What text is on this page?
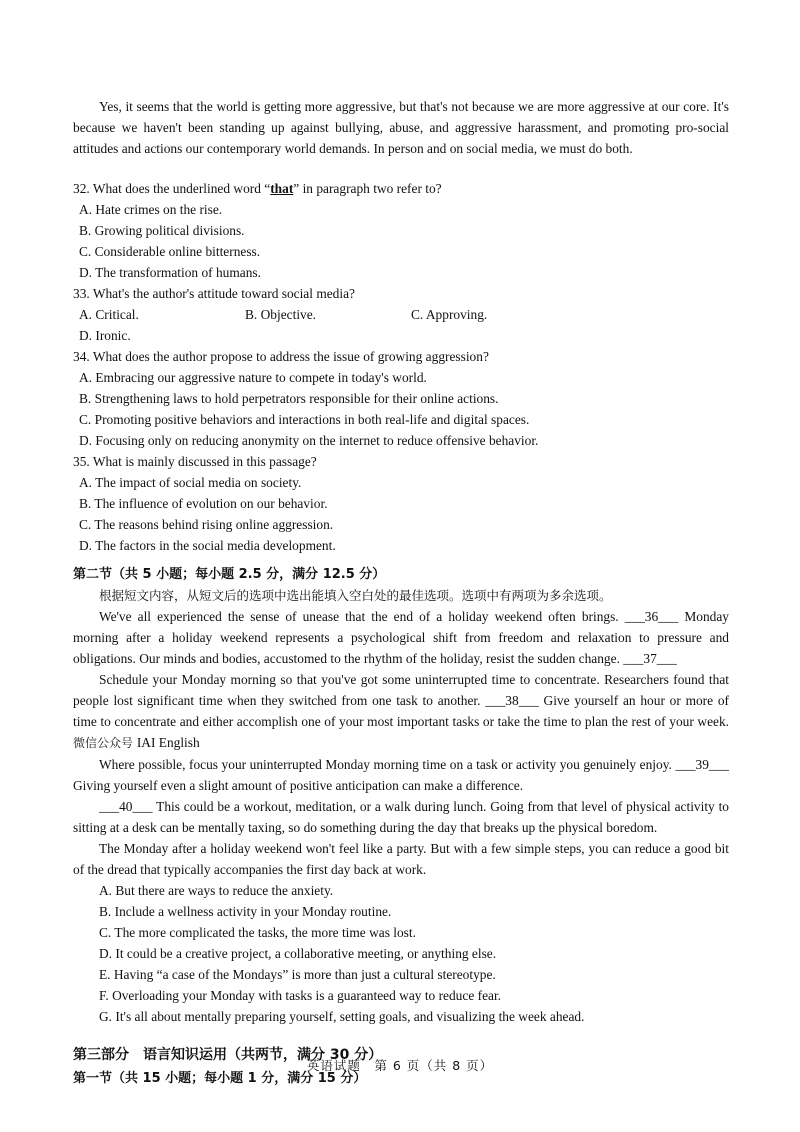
Yes, it seems that the world is getting more aggressive, but that's not because we are more aggressive at our core. It's because we haven't been standing up against bullying, abuse, and aggressive harassment, and promoting pro-social attitudes and actions our contemporary world demands. In person and on social media, we must do both.

32. What does the underlined word “that” in paragraph two refer to?

A. Hate crimes on the rise.
B. Growing political divisions.
C. Considerable online bitterness.
D. The transformation of humans.

33. What's the author's attitude toward social media?

A. Critical.	B. Objective.	C. Approving.
D. Ironic.

34. What does the author propose to address the issue of growing aggression?

A. Embracing our aggressive nature to compete in today's world.
B. Strengthening laws to hold perpetrators responsible for their online actions.
C. Promoting positive behaviors and interactions in both real-life and digital spaces.
D. Focusing only on reducing anonymity on the internet to reduce offensive behavior.

35. What is mainly discussed in this passage?

A. The impact of social media on society.
B. The influence of evolution on our behavior.
C. The reasons behind rising online aggression.
D. The factors in the social media development.

第二节（共 5 小题；每小题 2.5 分，满分 12.5 分）

根据短文内容，从短文后的选项中选出能填入空白处的最佳选项。选项中有两项为多余选项。

We've all experienced the sense of unease that the end of a holiday weekend often brings. ___36___ Monday morning after a holiday weekend represents a psychological shift from freedom and relaxation to pressure and obligations. Our minds and bodies, accustomed to the rhythm of the holiday, resist the sudden change. ___37___

Schedule your Monday morning so that you've got some uninterrupted time to concentrate. Researchers found that people lost significant time when they switched from one task to another. ___38___ Give yourself an hour or more of time to concentrate and either accomplish one of your most important tasks or take the time to plan the rest of your week. 微信公众号 IAI English

Where possible, focus your uninterrupted Monday morning time on a task or activity you genuinely enjoy. ___39___ Giving yourself even a slight amount of positive anticipation can make a difference.

___40___ This could be a workout, meditation, or a walk during lunch. Going from that level of physical activity to sitting at a desk can be mentally taxing, so do something during the day that breaks up the physical boredom.

The Monday after a holiday weekend won't feel like a party. But with a few simple steps, you can reduce a good bit of the dread that typically accompanies the first day back at work.

A. But there are ways to reduce the anxiety.

B. Include a wellness activity in your Monday routine.

C. The more complicated the tasks, the more time was lost.

D. It could be a creative project, a collaborative meeting, or anything else.

E. Having “a case of the Mondays” is more than just a cultural stereotype.

F. Overloading your Monday with tasks is a guaranteed way to reduce fear.

G. It's all about mentally preparing yourself, setting goals, and visualizing the week ahead.

第三部分　语言知识运用（共两节，满分 30 分）

第一节（共 15 小题；每小题 1 分，满分 15 分）

英语试题　第 6 页（共 8 页）
